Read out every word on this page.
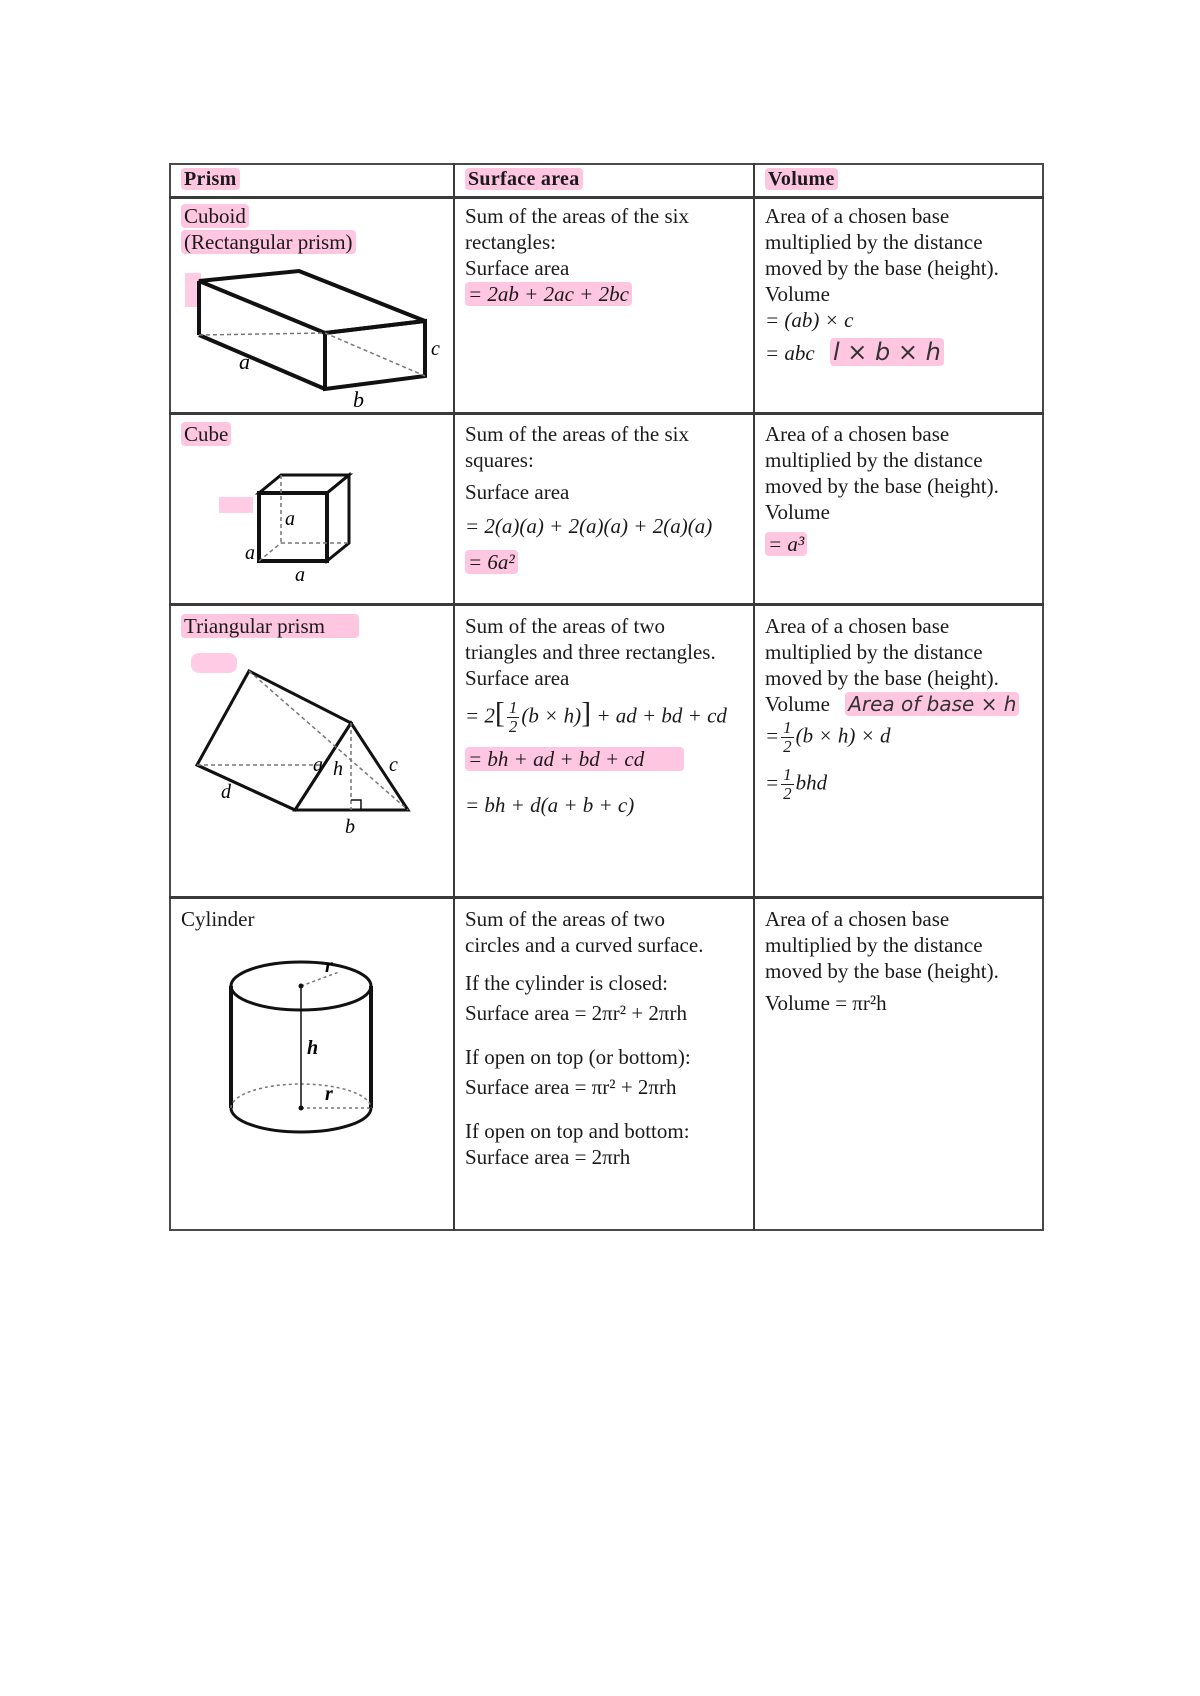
Prism	Surface area	Volume
Cuboid
(Rectangular prism)
a
b
c
Sum of the areas of the six
rectangles:
Surface area
= 2ab + 2ac + 2bc
Area of a chosen base
multiplied by the distance
moved by the base (height).
Volume
= (ab) × c
= abc l × b × h
Cube
a
a
a
Sum of the areas of the six
squares:
Surface area
= 2(a)(a) + 2(a)(a) + 2(a)(a)
= 6a²
Area of a chosen base
multiplied by the distance
moved by the base (height).
Volume
= a³
Triangular prism
a h c
d
b
Sum of the areas of two
triangles and three rectangles.
Surface area
= $2[ \frac{1}{2} (b \times h)]$ + ad + bd + cd
= bh + ad + bd + cd
= bh + d(a + b + c)
Area of a chosen base
multiplied by the distance
moved by the base (height).
Volume Area of base × h
= $\frac{1}{2} (b \times h) \times d$
= $\frac{1}{2}$ bhd
Cylinder
r
h
r
Sum of the areas of two
circles and a curved surface.
If the cylinder is closed:
Surface area = 2πr² + 2πrh
If open on top (or bottom):
Surface area = πr² + 2πrh
If open on top and bottom:
Surface area = 2πrh
Area of a chosen base
multiplied by the distance
moved by the base (height).
Volume = πr²h
